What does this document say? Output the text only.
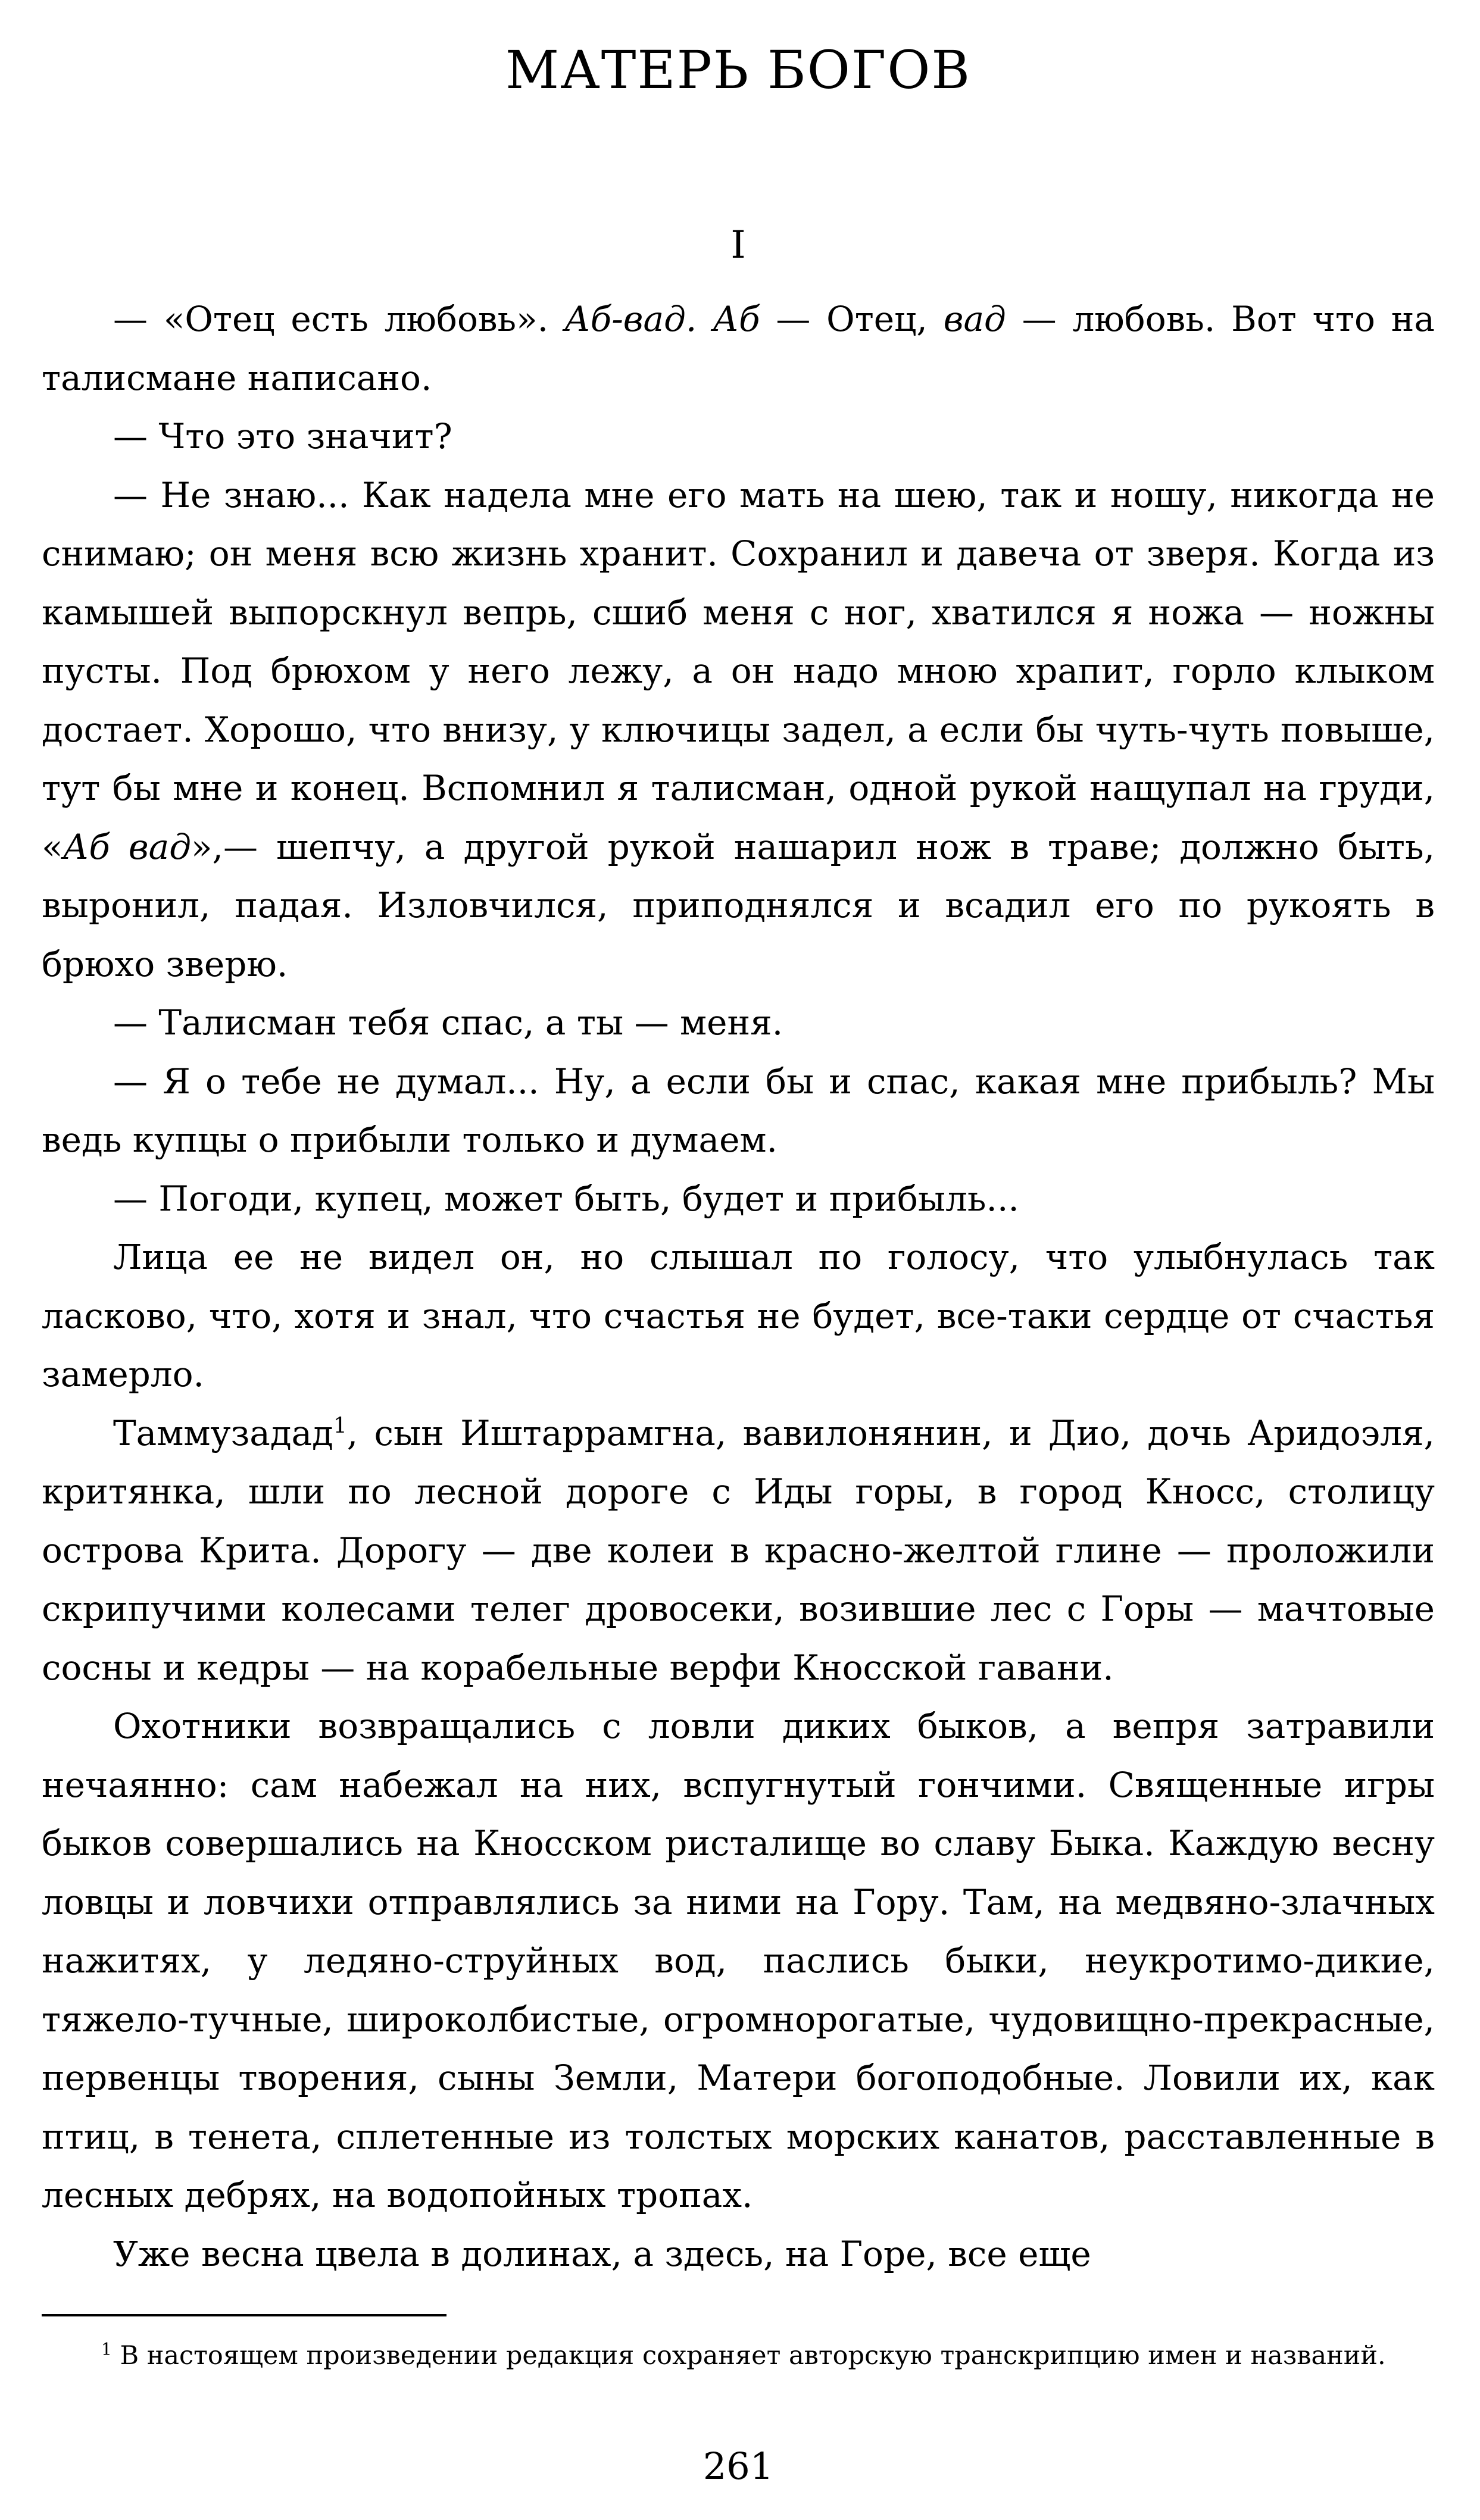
МАТЕРЬ БОГОВ
I

— «Отец есть любовь». Аб-вад. Аб — Отец, вад — любовь. Вот что на талисмане написано.

— Что это значит?

— Не знаю... Как надела мне его мать на шею, так и ношу, никогда не снимаю; он меня всю жизнь хранит. Сохранил и давеча от зверя. Когда из камышей выпорскнул вепрь, сшиб меня с ног, хватился я ножа — ножны пусты. Под брюхом у него лежу, а он надо мною храпит, горло клыком достает. Хорошо, что внизу, у ключицы задел, а если бы чуть-чуть повыше, тут бы мне и конец. Вспомнил я талисман, одной рукой нащупал на груди, «Аб вад»,— шепчу, а другой рукой нашарил нож в траве; должно быть, выронил, падая. Изловчился, приподнялся и всадил его по рукоять в брюхо зверю.

— Талисман тебя спас, а ты — меня.

— Я о тебе не думал... Ну, а если бы и спас, какая мне прибыль? Мы ведь купцы о прибыли только и думаем.

— Погоди, купец, может быть, будет и прибыль...

Лица ее не видел он, но слышал по голосу, что улыбнулась так ласково, что, хотя и знал, что счастья не будет, все-таки сердце от счастья замерло.

Таммузадад$^1$, сын Иштаррамгна, вавилонянин, и Дио, дочь Аридоэля, критянка, шли по лесной дороге с Иды горы, в город Кносс, столицу острова Крита. Дорогу — две колеи в красно-желтой глине — проложили скрипучими колесами телег дровосеки, возившие лес с Горы — мачтовые сосны и кедры — на корабельные верфи Кносской гавани.

Охотники возвращались с ловли диких быков, а вепря затравили нечаянно: сам набежал на них, вспугнутый гончими. Священные игры быков совершались на Кносском ристалище во славу Быка. Каждую весну ловцы и ловчихи отправлялись за ними на Гору. Там, на медвяно-злачных нажитях, у ледяно-струйных вод, паслись быки, неукротимо-дикие, тяжело-тучные, широколбистые, огромнорогатые, чудовищно-прекрасные, первенцы творения, сыны Земли, Матери богоподобные. Ловили их, как птиц, в тенета, сплетенные из толстых морских канатов, расставленные в лесных дебрях, на водопойных тропах.

Уже весна цвела в долинах, а здесь, на Горе, все еще

$^1$ В настоящем произведении редакция сохраняет авторскую транскрипцию имен и названий.

261
